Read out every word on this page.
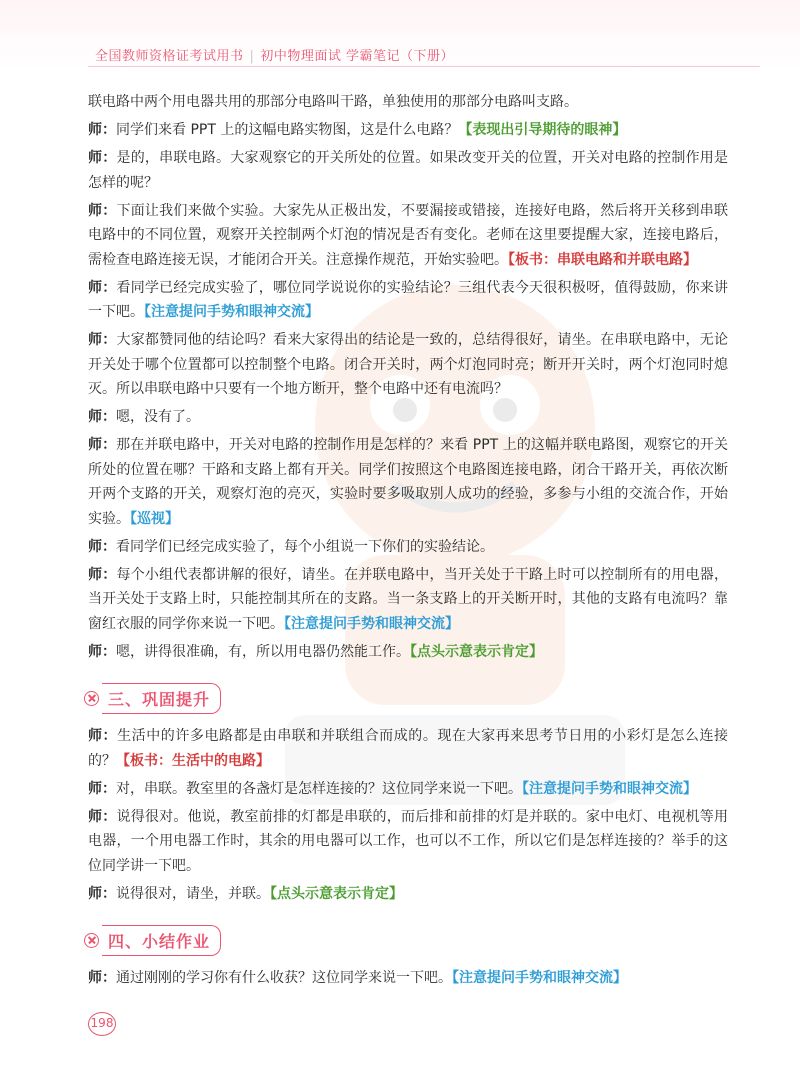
全国教师资格证考试用书 | 初中物理面试 学霸笔记（下册）

联电路中两个用电器共用的那部分电路叫干路，单独使用的那部分电路叫支路。

师：同学们来看 PPT 上的这幅电路实物图，这是什么电路？【表现出引导期待的眼神】

师：是的，串联电路。大家观察它的开关所处的位置。如果改变开关的位置，开关对电路的控制作用是怎样的呢？

师：下面让我们来做个实验。大家先从正极出发，不要漏接或错接，连接好电路，然后将开关移到串联电路中的不同位置，观察开关控制两个灯泡的情况是否有变化。老师在这里要提醒大家，连接电路后，需检查电路连接无误，才能闭合开关。注意操作规范，开始实验吧。【板书：串联电路和并联电路】

师：看同学已经完成实验了，哪位同学说说你的实验结论？三组代表今天很积极呀，值得鼓励，你来讲一下吧。【注意提问手势和眼神交流】

师：大家都赞同他的结论吗？看来大家得出的结论是一致的，总结得很好，请坐。在串联电路中，无论开关处于哪个位置都可以控制整个电路。闭合开关时，两个灯泡同时亮；断开开关时，两个灯泡同时熄灭。所以串联电路中只要有一个地方断开，整个电路中还有电流吗？

师：嗯，没有了。

师：那在并联电路中，开关对电路的控制作用是怎样的？来看 PPT 上的这幅并联电路图，观察它的开关所处的位置在哪？干路和支路上都有开关。同学们按照这个电路图连接电路，闭合干路开关，再依次断开两个支路的开关，观察灯泡的亮灭，实验时要多吸取别人成功的经验，多参与小组的交流合作，开始实验。【巡视】

师：看同学们已经完成实验了，每个小组说一下你们的实验结论。

师：每个小组代表都讲解的很好，请坐。在并联电路中，当开关处于干路上时可以控制所有的用电器，当开关处于支路上时，只能控制其所在的支路。当一条支路上的开关断开时，其他的支路有电流吗？靠窗红衣服的同学你来说一下吧。【注意提问手势和眼神交流】

师：嗯，讲得很准确，有，所以用电器仍然能工作。【点头示意表示肯定】

三、巩固提升

师：生活中的许多电路都是由串联和并联组合而成的。现在大家再来思考节日用的小彩灯是怎么连接的？【板书：生活中的电路】

师：对，串联。教室里的各盏灯是怎样连接的？这位同学来说一下吧。【注意提问手势和眼神交流】

师：说得很对。他说，教室前排的灯都是串联的，而后排和前排的灯是并联的。家中电灯、电视机等用电器，一个用电器工作时，其余的用电器可以工作，也可以不工作，所以它们是怎样连接的？举手的这位同学讲一下吧。

师：说得很对，请坐，并联。【点头示意表示肯定】

四、小结作业

师：通过刚刚的学习你有什么收获？这位同学来说一下吧。【注意提问手势和眼神交流】

198
